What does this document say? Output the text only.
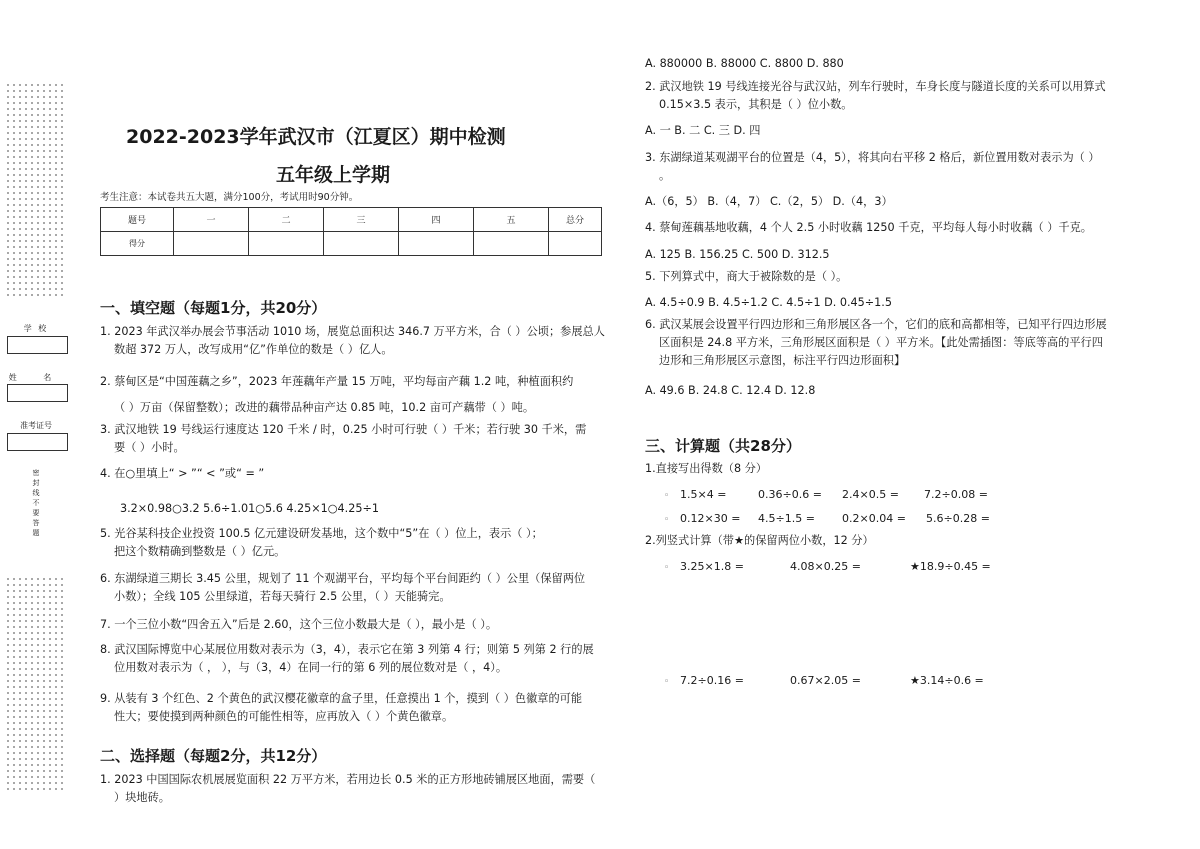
学 校
姓 名
准考证号
密封线不要答题
2022-2023学年武汉市（江夏区）期中检测
五年级上学期
考生注意：本试卷共五大题，满分100分，考试用时90分钟。
题号	一	二	三	四	五	总分
得分						
一、填空题（每题1分，共20分）
1. 2023 年武汉举办展会节事活动 1010 场，展览总面积达 346.7 万平方米，合（ ）公顷；参展总人
数超 372 万人，改写成用“亿”作单位的数是（ ）亿人。
2. 蔡甸区是“中国莲藕之乡”，2023 年莲藕年产量 15 万吨，平均每亩产藕 1.2 吨，种植面积约
（ ）万亩（保留整数）；改进的藕带品种亩产达 0.85 吨，10.2 亩可产藕带（ ）吨。
3. 武汉地铁 19 号线运行速度达 120 千米 / 时，0.25 小时可行驶（ ）千米；若行驶 30 千米，需
要（ ）小时。
4. 在○里填上“ > ”“ < ”或“ = ”
3.2×0.98○3.2 5.6÷1.01○5.6 4.25×1○4.25÷1
5. 光谷某科技企业投资 100.5 亿元建设研发基地，这个数中“5”在（ ）位上，表示（ ）；
把这个数精确到整数是（ ）亿元。
6. 东湖绿道三期长 3.45 公里，规划了 11 个观湖平台，平均每个平台间距约（ ）公里（保留两位
小数）；全线 105 公里绿道，若每天骑行 2.5 公里，（ ）天能骑完。
7. 一个三位小数“四舍五入”后是 2.60，这个三位小数最大是（ ），最小是（ ）。
8. 武汉国际博览中心某展位用数对表示为（3，4），表示它在第 3 列第 4 行；则第 5 列第 2 行的展
位用数对表示为（ ， ），与（3，4）在同一行的第 6 列的展位数对是（ ，4）。
9. 从装有 3 个红色、2 个黄色的武汉樱花徽章的盒子里，任意摸出 1 个，摸到（ ）色徽章的可能
性大；要使摸到两种颜色的可能性相等，应再放入（ ）个黄色徽章。
二、选择题（每题2分，共12分）
1. 2023 中国国际农机展展览面积 22 万平方米，若用边长 0.5 米的正方形地砖铺展区地面，需要（
）块地砖。
A. 880000 B. 88000 C. 8800 D. 880
2. 武汉地铁 19 号线连接光谷与武汉站，列车行驶时，车身长度与隧道长度的关系可以用算式
0.15×3.5 表示，其积是（ ）位小数。
A. 一 B. 二 C. 三 D. 四
3. 东湖绿道某观湖平台的位置是（4，5），将其向右平移 2 格后，新位置用数对表示为（ ）
。
A.（6，5） B.（4，7） C.（2，5） D.（4，3）
4. 蔡甸莲藕基地收藕，4 个人 2.5 小时收藕 1250 千克，平均每人每小时收藕（ ）千克。
A. 125 B. 156.25 C. 500 D. 312.5
5. 下列算式中，商大于被除数的是（ ）。
A. 4.5÷0.9 B. 4.5÷1.2 C. 4.5÷1 D. 0.45÷1.5
6. 武汉某展会设置平行四边形和三角形展区各一个，它们的底和高都相等，已知平行四边形展
区面积是 24.8 平方米，三角形展区面积是（ ）平方米。【此处需插图：等底等高的平行四
边形和三角形展区示意图，标注平行四边形面积】
A. 49.6 B. 24.8 C. 12.4 D. 12.8
三、计算题（共28分）
1.直接写出得数（8 分）
◦ 1.5×4 =	0.36÷0.6 = 2.4×0.5 = 7.2÷0.08 =
◦ 0.12×30 = 4.5÷1.5 = 0.2×0.04 = 5.6÷0.28 =
2.列竖式计算（带★的保留两位小数，12 分）
◦ 3.25×1.8 =	4.08×0.25 =	★18.9÷0.45 =
◦ 7.2÷0.16 =	0.67×2.05 =	★3.14÷0.6 =
